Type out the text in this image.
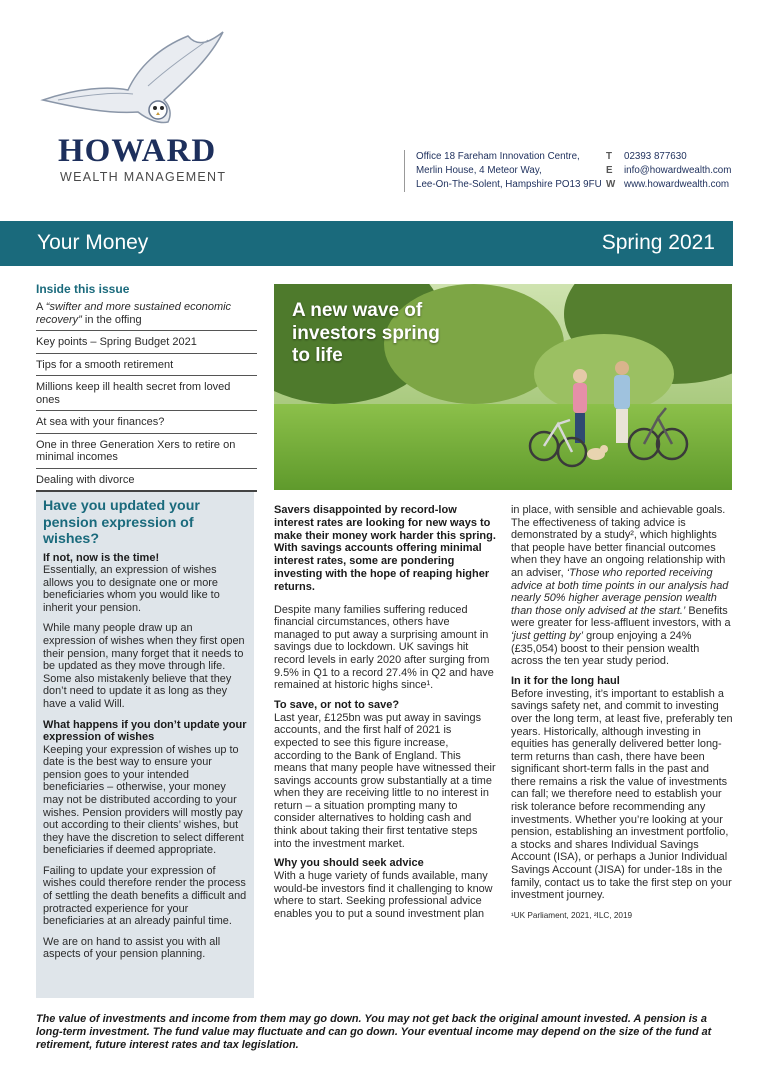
HOWARD
WEALTH MANAGEMENT
Office 18 Fareham Innovation Centre,
Merlin House, 4 Meteor Way,
Lee-On-The-Solent, Hampshire PO13 9FU
T	02393 877630
E	info@howardwealth.com
W www.howardwealth.com
Your Money	Spring 2021
Inside this issue
A “swifter and more sustained economic recovery” in the offing
Key points – Spring Budget 2021
Tips for a smooth retirement
Millions keep ill health secret from loved ones
At sea with your finances?
One in three Generation Xers to retire on minimal incomes
Dealing with divorce
Have you updated your pension expression of wishes?
If not, now is the time!

Essentially, an expression of wishes allows you to designate one or more beneficiaries whom you would like to inherit your pension.

While many people draw up an expression of wishes when they first open their pension, many forget that it needs to be updated as they move through life. Some also mistakenly believe that they don’t need to update it as long as they have a valid Will.

What happens if you don’t update your expression of wishes

Keeping your expression of wishes up to date is the best way to ensure your pension goes to your intended beneficiaries – otherwise, your money may not be distributed according to your wishes. Pension providers will mostly pay out according to their clients’ wishes, but they have the discretion to select different beneficiaries if deemed appropriate.

Failing to update your expression of wishes could therefore render the process of settling the death benefits a difficult and protracted experience for your beneficiaries at an already painful time.

We are on hand to assist you with all aspects of your pension planning.

A new wave of investors spring to life

Savers disappointed by record-low interest rates are looking for new ways to make their money work harder this spring. With savings accounts offering minimal interest rates, some are pondering investing with the hope of reaping higher returns.

Despite many families suffering reduced financial circumstances, others have managed to put away a surprising amount in savings due to lockdown. UK savings hit record levels in early 2020 after surging from 9.5% in Q1 to a record 27.4% in Q2 and have remained at historic highs since¹.

To save, or not to save?

Last year, £125bn was put away in savings accounts, and the first half of 2021 is expected to see this figure increase, according to the Bank of England. This means that many people have witnessed their savings accounts grow substantially at a time when they are receiving little to no interest in return – a situation prompting many to consider alternatives to holding cash and think about taking their first tentative steps into the investment market.

Why you should seek advice

With a huge variety of funds available, many would-be investors find it challenging to know where to start. Seeking professional advice enables you to put a sound investment plan

in place, with sensible and achievable goals. The effectiveness of taking advice is demonstrated by a study², which highlights that people have better financial outcomes when they have an ongoing relationship with an adviser, ‘Those who reported receiving advice at both time points in our analysis had nearly 50% higher average pension wealth than those only advised at the start.’ Benefits were greater for less-affluent investors, with a ‘just getting by’ group enjoying a 24% (£35,054) boost to their pension wealth across the ten year study period.

In it for the long haul

Before investing, it’s important to establish a savings safety net, and commit to investing over the long term, at least five, preferably ten years. Historically, although investing in equities has generally delivered better long-term returns than cash, there have been significant short-term falls in the past and there remains a risk the value of investments can fall; we therefore need to establish your risk tolerance before recommending any investments. Whether you’re looking at your pension, establishing an investment portfolio, a stocks and shares Individual Savings Account (ISA), or perhaps a Junior Individual Savings Account (JISA) for under-18s in the family, contact us to take the first step on your investment journey.

¹UK Parliament, 2021, ²ILC, 2019

The value of investments and income from them may go down. You may not get back the original amount invested. A pension is a long-term investment. The fund value may fluctuate and can go down. Your eventual income may depend on the size of the fund at retirement, future interest rates and tax legislation.
